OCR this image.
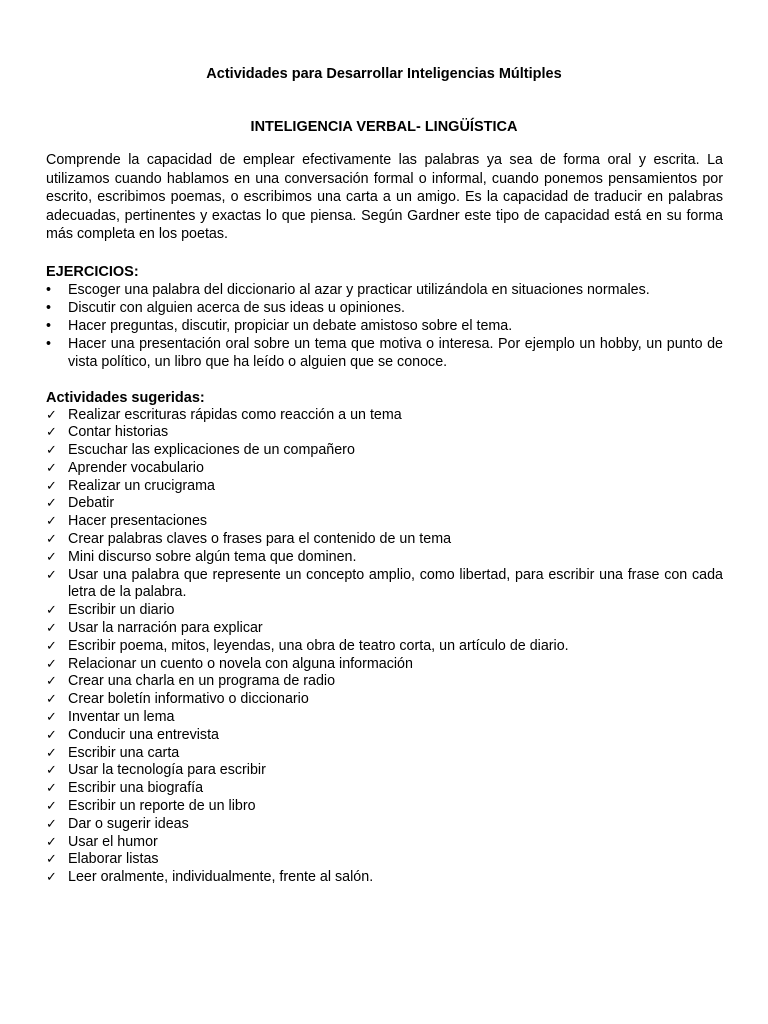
Actividades para Desarrollar Inteligencias Múltiples
INTELIGENCIA VERBAL- LINGÜÍSTICA

Comprende la capacidad de emplear efectivamente las palabras ya sea de forma oral y escrita. La utilizamos cuando hablamos en una conversación formal o informal, cuando ponemos pensamientos por escrito, escribimos poemas, o escribimos una carta a un amigo. Es la capacidad de traducir en palabras adecuadas, pertinentes y exactas lo que piensa. Según Gardner este tipo de capacidad está en su forma más completa en los poetas.

EJERCICIOS:

• Escoger una palabra del diccionario al azar y practicar utilizándola en situaciones normales.
• Discutir con alguien acerca de sus ideas u opiniones.
• Hacer preguntas, discutir, propiciar un debate amistoso sobre el tema.
• Hacer una presentación oral sobre un tema que motiva o interesa. Por ejemplo un hobby, un punto de vista político, un libro que ha leído o alguien que se conoce.

Actividades sugeridas:

✓ Realizar escrituras rápidas como reacción a un tema
✓ Contar historias
✓ Escuchar las explicaciones de un compañero
✓ Aprender vocabulario
✓ Realizar un crucigrama
✓ Debatir
✓ Hacer presentaciones
✓ Crear palabras claves o frases para el contenido de un tema
✓ Mini discurso sobre algún tema que dominen.
✓ Usar una palabra que represente un concepto amplio, como libertad, para escribir una frase con cada letra de la palabra.
✓ Escribir un diario
✓ Usar la narración para explicar
✓ Escribir poema, mitos, leyendas, una obra de teatro corta, un artículo de diario.
✓ Relacionar un cuento o novela con alguna información
✓ Crear una charla en un programa de radio
✓ Crear boletín informativo o diccionario
✓ Inventar un lema
✓ Conducir una entrevista
✓ Escribir una carta
✓ Usar la tecnología para escribir
✓ Escribir una biografía
✓ Escribir un reporte de un libro
✓ Dar o sugerir ideas
✓ Usar el humor
✓ Elaborar listas
✓ Leer oralmente, individualmente, frente al salón.
